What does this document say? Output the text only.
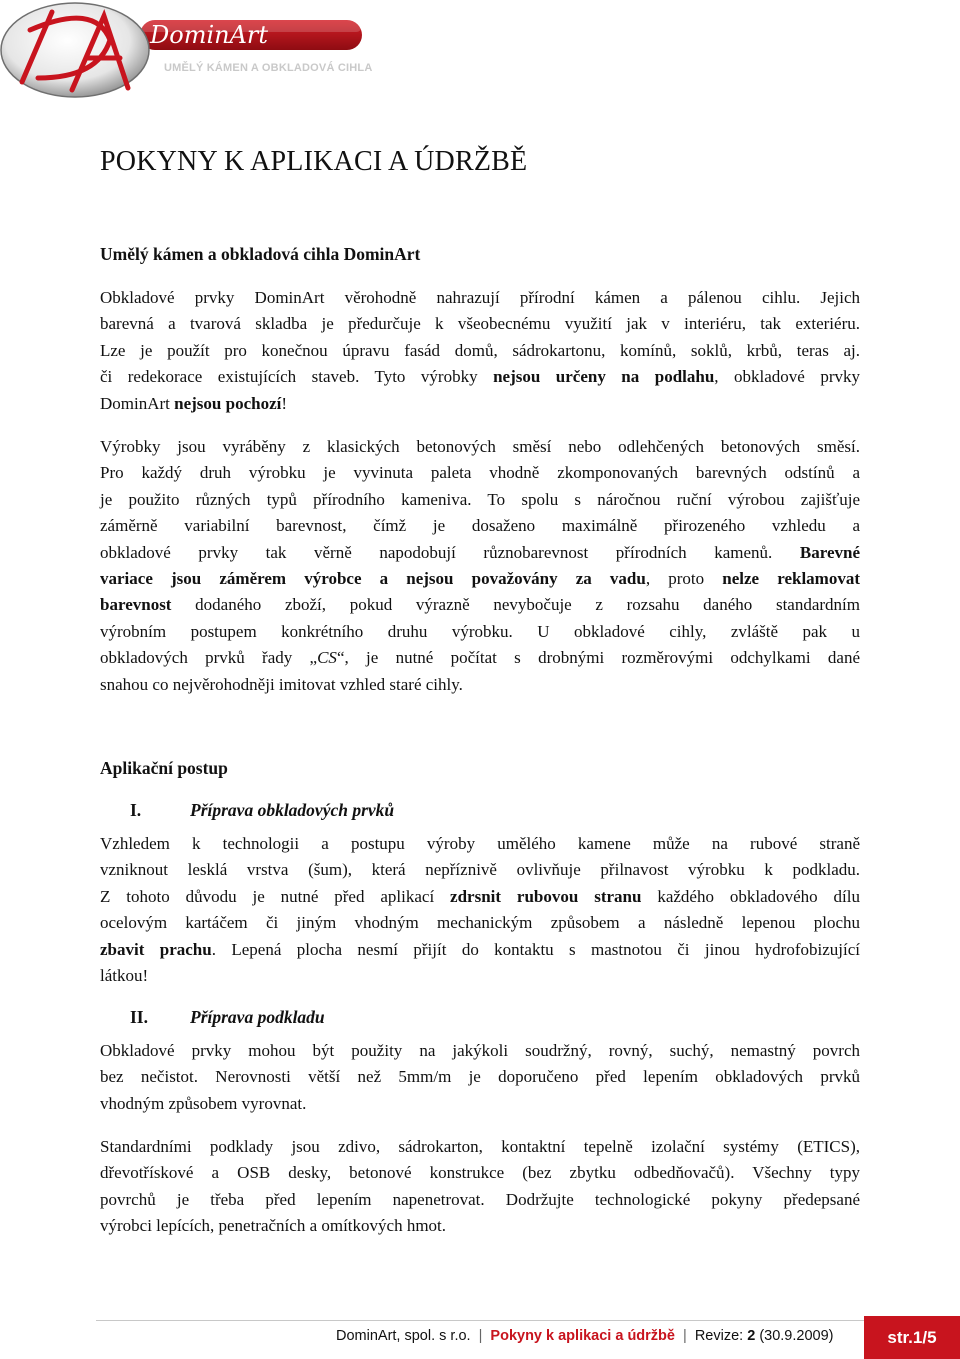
DominArt
UMĚLÝ KÁMEN A OBKLADOVÁ CIHLA
POKYNY K APLIKACI A ÚDRŽBĚ
Umělý kámen a obkladová cihla DominArt
Obkladové prvky DominArt věrohodně nahrazují přírodní kámen a pálenou cihlu. Jejich
barevná a tvarová skladba je předurčuje k všeobecnému využití jak v interiéru, tak exteriéru.
Lze je použít pro konečnou úpravu fasád domů, sádrokartonu, komínů, soklů, krbů, teras aj.
či redekorace existujících staveb. Tyto výrobky nejsou určeny na podlahu, obkladové prvky
DominArt nejsou pochozí!
Výrobky jsou vyráběny z klasických betonových směsí nebo odlehčených betonových směsí.
Pro každý druh výrobku je vyvinuta paleta vhodně zkomponovaných barevných odstínů a
je použito různých typů přírodního kameniva. To spolu s náročnou ruční výrobou zajišťuje
záměrně variabilní barevnost, čímž je dosaženo maximálně přirozeného vzhledu a
obkladové prvky tak věrně napodobují různobarevnost přírodních kamenů. Barevné
variace jsou záměrem výrobce a nejsou považovány za vadu, proto nelze reklamovat
barevnost dodaného zboží, pokud výrazně nevybočuje z rozsahu daného standardním
výrobním postupem konkrétního druhu výrobku. U obkladové cihly, zvláště pak u
obkladových prvků řady „CS“, je nutné počítat s drobnými rozměrovými odchylkami dané
snahou co nejvěrohodněji imitovat vzhled staré cihly.
Aplikační postup
I.	Příprava obkladových prvků
Vzhledem k technologii a postupu výroby umělého kamene může na rubové straně
vzniknout lesklá vrstva (šum), která nepříznivě ovlivňuje přilnavost výrobku k podkladu.
Z tohoto důvodu je nutné před aplikací zdrsnit rubovou stranu každého obkladového dílu
ocelovým kartáčem či jiným vhodným mechanickým způsobem a následně lepenou plochu
zbavit prachu. Lepená plocha nesmí přijít do kontaktu s mastnotou či jinou hydrofobizující
látkou!
II. Příprava podkladu
Obkladové prvky mohou být použity na jakýkoli soudržný, rovný, suchý, nemastný povrch
bez nečistot. Nerovnosti větší než 5mm/m je doporučeno před lepením obkladových prvků
vhodným způsobem vyrovnat.
Standardními podklady jsou zdivo, sádrokarton, kontaktní tepelně izolační systémy (ETICS),
dřevotřískové a OSB desky, betonové konstrukce (bez zbytku odbedňovačů). Všechny typy
povrchů je třeba před lepením napenetrovat. Dodržujte technologické pokyny předepsané
výrobci lepících, penetračních a omítkových hmot.
DominArt, spol. s r.o. | Pokyny k aplikaci a údržbě | Revize: 2 (30.9.2009)	str. 1 / 5
